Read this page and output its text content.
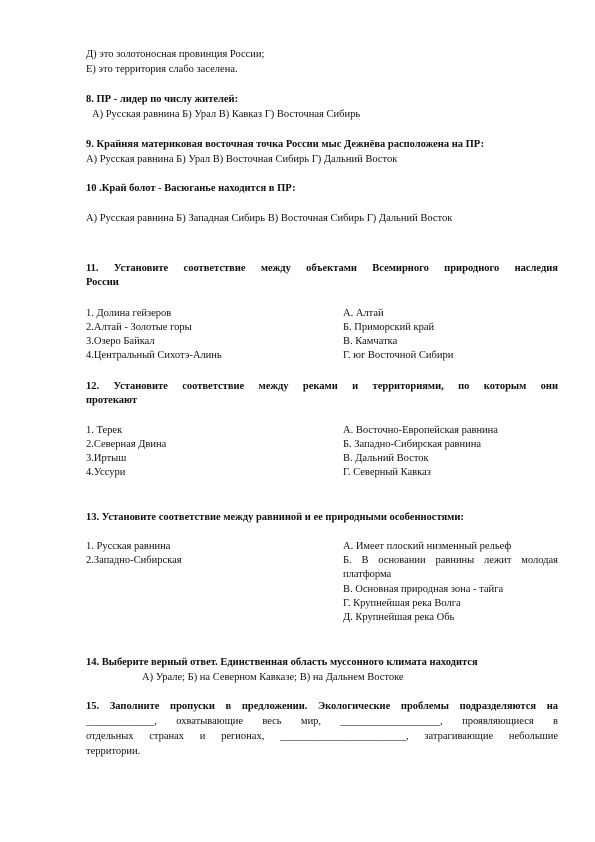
Д) это золотоносная провинция России;
Е) это территория слабо заселена.
8. ПР - лидер по числу жителей:
А) Русская равнина Б) Урал В) Кавказ Г) Восточная Сибирь
9. Крайняя материковая восточная точка России мыс Дежнёва расположена на ПР:
А) Русская равнина Б) Урал В) Восточная Сибирь Г) Дальний Восток
10 .Край болот - Васюганье находится в ПР:
А) Русская равнина Б) Западная Сибирь В) Восточная Сибирь Г) Дальний Восток
11. Установите соответствие между объектами Всемирного природного наследия
России
1. Долина гейзеров
2.Алтай - Золотые горы
3.Озеро Байкал
4.Центральный Сихотэ-Алинь
А. Алтай
Б. Приморский край
В. Камчатка
Г. юг Восточной Сибири
12. Установите соответствие между реками и территориями, по которым они
протекают
1. Терек
2.Северная Двина
3.Иртыш
4.Уссури
А. Восточно-Европейская равнина
Б. Западно-Сибирская равнина
В. Дальний Восток
Г. Северный Кавказ
13. Установите соответствие между равниной и ее природными особенностями:
1. Русская равнина
2.Западно-Сибирская
А. Имеет плоский низменный рельеф
Б. В основании равнины лежит молодая
платформа
В. Основная природная зона - тайга
Г. Крупнейшая река Волга
Д. Крупнейшая река Обь
14. Выберите верный ответ. Единственная область муссонного климата находится
А) Урале; Б) на Северном Кавказе; В) на Дальнем Востоке
15. Заполните пропуски в предложении. Экологические проблемы подразделяются на
_____________, охватывающие весь мир, ___________________, проявляющиеся в
отдельных странах и регионах, ________________________, затрагивающие небольшие
территории.
